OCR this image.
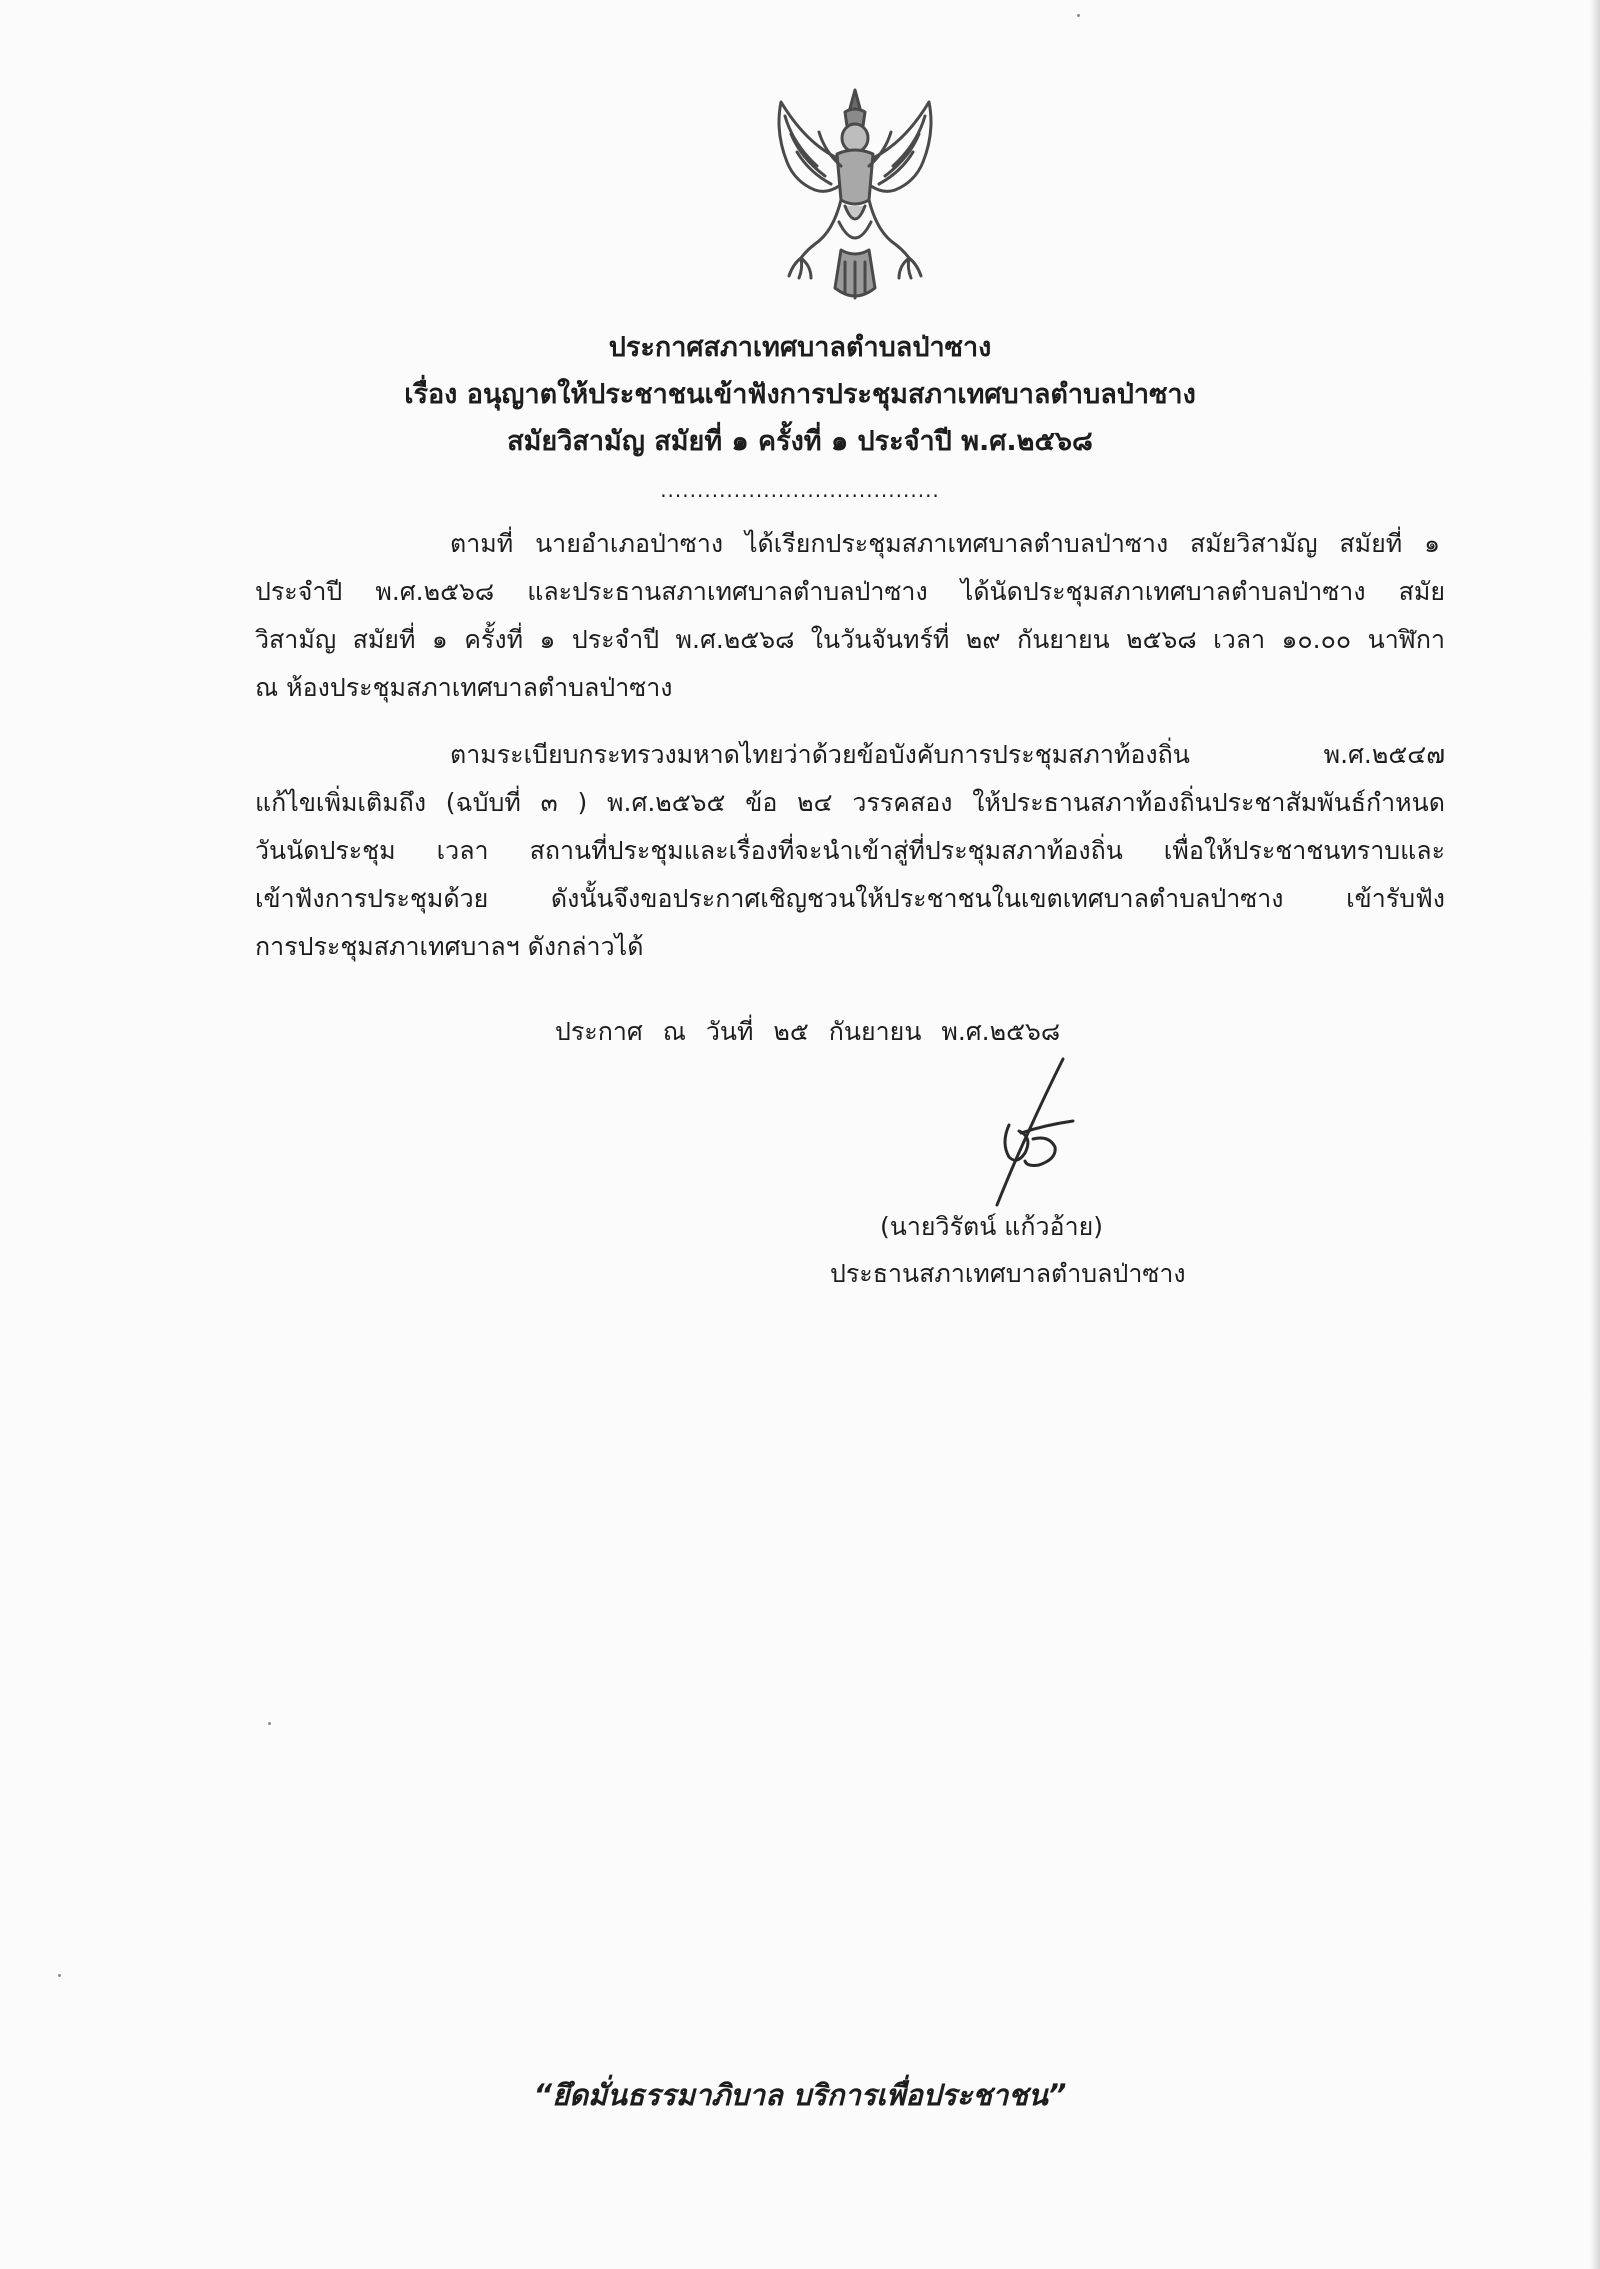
ประกาศสภาเทศบาลตำบลป่าซาง
เรื่อง อนุญาตให้ประชาชนเข้าฟังการประชุมสภาเทศบาลตำบลป่าซาง
สมัยวิสามัญ สมัยที่ ๑ ครั้งที่ ๑ ประจำปี พ.ศ.๒๕๖๘
......................................
ตามที่ นายอำเภอป่าซาง ได้เรียกประชุมสภาเทศบาลตำบลป่าซาง สมัยวิสามัญ สมัยที่ ๑
ประจำปี พ.ศ.๒๕๖๘ และประธานสภาเทศบาลตำบลป่าซาง ได้นัดประชุมสภาเทศบาลตำบลป่าซาง สมัย
วิสามัญ สมัยที่ ๑ ครั้งที่ ๑ ประจำปี พ.ศ.๒๕๖๘ ในวันจันทร์ที่ ๒๙ กันยายน ๒๕๖๘ เวลา ๑๐.๐๐ นาฬิกา
ณ ห้องประชุมสภาเทศบาลตำบลป่าซาง
ตามระเบียบกระทรวงมหาดไทยว่าด้วยข้อบังคับการประชุมสภาท้องถิ่น พ.ศ.๒๕๔๗
แก้ไขเพิ่มเติมถึง (ฉบับที่ ๓ ) พ.ศ.๒๕๖๕ ข้อ ๒๔ วรรคสอง ให้ประธานสภาท้องถิ่นประชาสัมพันธ์กำหนด
วันนัดประชุม เวลา สถานที่ประชุมและเรื่องที่จะนำเข้าสู่ที่ประชุมสภาท้องถิ่น เพื่อให้ประชาชนทราบและ
เข้าฟังการประชุมด้วย ดังนั้นจึงขอประกาศเชิญชวนให้ประชาชนในเขตเทศบาลตำบลป่าซาง เข้ารับฟัง
การประชุมสภาเทศบาลฯ ดังกล่าวได้
ประกาศ ณ วันที่ ๒๕ กันยายน พ.ศ.๒๕๖๘
(นายวิรัตน์ แก้วอ้าย)
ประธานสภาเทศบาลตำบลป่าซาง
“ยึดมั่นธรรมาภิบาล บริการเพื่อประชาชน”
